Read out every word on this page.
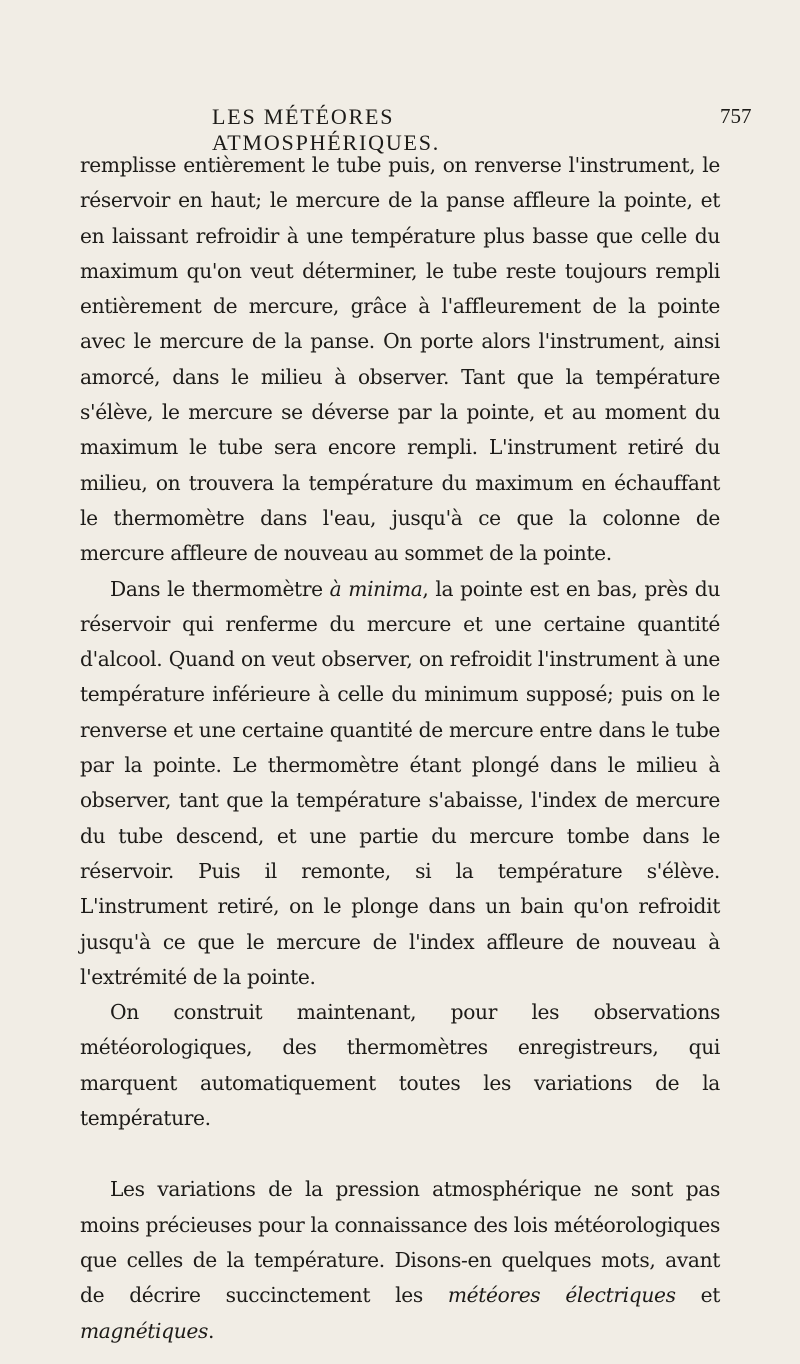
LES MÉTÉORES ATMOSPHÉRIQUES.
757

remplisse entièrement le tube puis, on renverse l'instrument, le réservoir en haut; le mercure de la panse affleure la pointe, et en laissant refroidir à une température plus basse que celle du maximum qu'on veut déterminer, le tube reste toujours rempli entièrement de mercure, grâce à l'affleurement de la pointe avec le mercure de la panse. On porte alors l'instrument, ainsi amorcé, dans le milieu à observer. Tant que la température s'élève, le mercure se déverse par la pointe, et au moment du maximum le tube sera encore rempli. L'instrument retiré du milieu, on trouvera la température du maximum en échauffant le thermomètre dans l'eau, jusqu'à ce que la colonne de mercure affleure de nouveau au sommet de la pointe.

Dans le thermomètre à minima, la pointe est en bas, près du réservoir qui renferme du mercure et une certaine quantité d'alcool. Quand on veut observer, on refroidit l'instrument à une température inférieure à celle du minimum supposé; puis on le renverse et une certaine quantité de mercure entre dans le tube par la pointe. Le thermomètre étant plongé dans le milieu à observer, tant que la température s'abaisse, l'index de mercure du tube descend, et une partie du mercure tombe dans le réservoir. Puis il remonte, si la température s'élève. L'instrument retiré, on le plonge dans un bain qu'on refroidit jusqu'à ce que le mercure de l'index affleure de nouveau à l'extrémité de la pointe.

On construit maintenant, pour les observations météorologiques, des thermomètres enregistreurs, qui marquent automatiquement toutes les variations de la température.

Les variations de la pression atmosphérique ne sont pas moins précieuses pour la connaissance des lois météorologiques que celles de la température. Disons-en quelques mots, avant de décrire succinctement les météores électriques et magnétiques.
